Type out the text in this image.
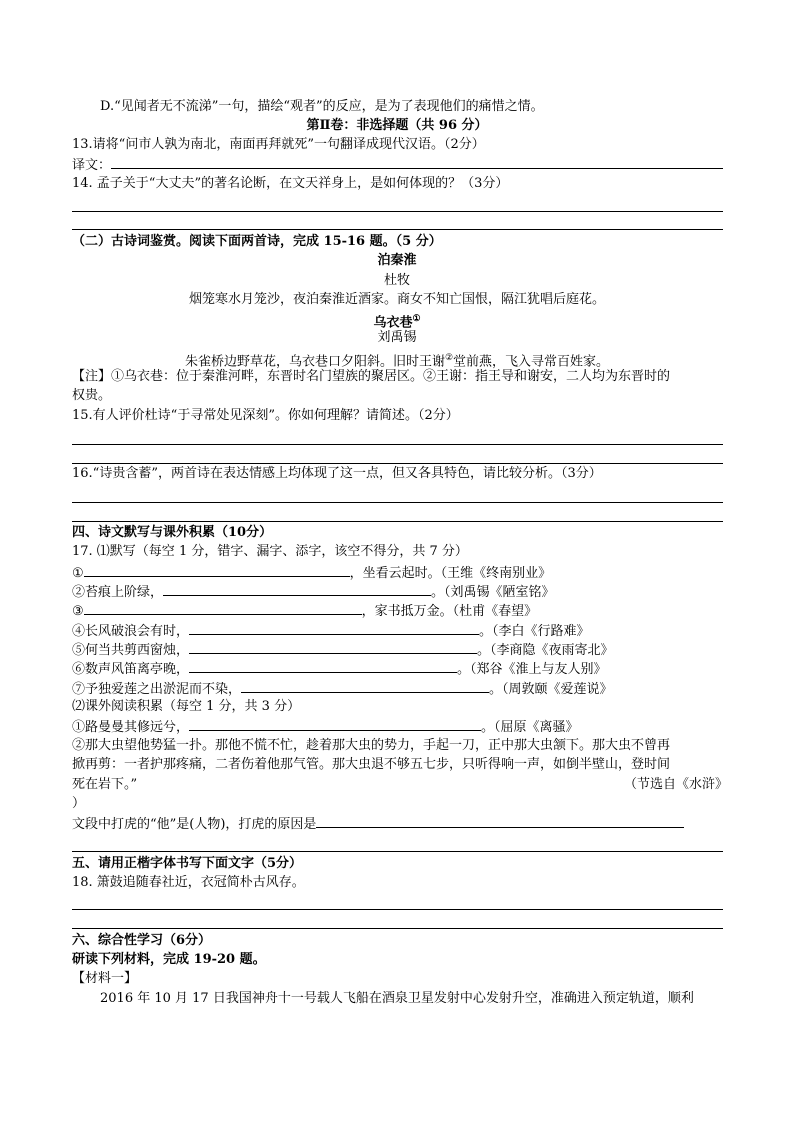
D.“见闻者无不流涕”一句，描绘“观者”的反应，是为了表现他们的痛惜之情。
第Ⅱ卷：非选择题（共 96 分）
13.请将“问市人孰为南北，南面再拜就死”一句翻译成现代汉语。（2分）
译文：
14. 孟子关于“大丈夫”的著名论断，在文天祥身上，是如何体现的？（3分）
（二）古诗词鉴赏。阅读下面两首诗，完成 15-16 题。（5 分）
泊秦淮
杜牧
烟笼寒水月笼沙，夜泊秦淮近酒家。商女不知亡国恨，隔江犹唱后庭花。
乌衣巷①
刘禹锡
朱雀桥边野草花，乌衣巷口夕阳斜。旧时王谢②堂前燕，飞入寻常百姓家。
【注】①乌衣巷：位于秦淮河畔，东晋时名门望族的聚居区。②王谢：指王导和谢安，二人均为东晋时的
权贵。
15.有人评价杜诗“于寻常处见深刻”。你如何理解？请简述。（2分）
16.“诗贵含蓄”，两首诗在表达情感上均体现了这一点，但又各具特色，请比较分析。（3分）
四、诗文默写与课外积累（10分）
17. ⑴默写（每空 1 分，错字、漏字、添字，该空不得分，共 7 分）
①	，坐看云起时。（王维《终南别业》
②苔痕上阶绿，	。（刘禹锡《陋室铭》
③	，家书抵万金。（杜甫《春望》
④长风破浪会有时，	。（李白《行路难》
⑤何当共剪西窗烛，	。（李商隐《夜雨寄北》
⑥数声风笛离亭晚，	。（郑谷《淮上与友人别》
⑦予独爱莲之出淤泥而不染，	。（周敦颐《爱莲说》
⑵课外阅读积累（每空 1 分，共 3 分）
①路曼曼其修远兮，	。（屈原《离骚》
②那大虫望他势猛一扑。那他不慌不忙，趁着那大虫的势力，手起一刀，正中那大虫颔下。那大虫不曾再
掀再剪：一者护那疼痛，二者伤着他那气管。那大虫退不够五七步，只听得响一声，如倒半壁山，登时间
死在岩下。”	（节选自《水浒》
）
文段中打虎的“他”是(人物)，打虎的原因是
五、请用正楷字体书写下面文字（5分）
18. 箫鼓追随春社近，衣冠简朴古风存。
六、综合性学习（6分）
研读下列材料，完成 19-20 题。
【材料一】
2016 年 10 月 17 日我国神舟十一号载人飞船在酒泉卫星发射中心发射升空，准确进入预定轨道，顺利
